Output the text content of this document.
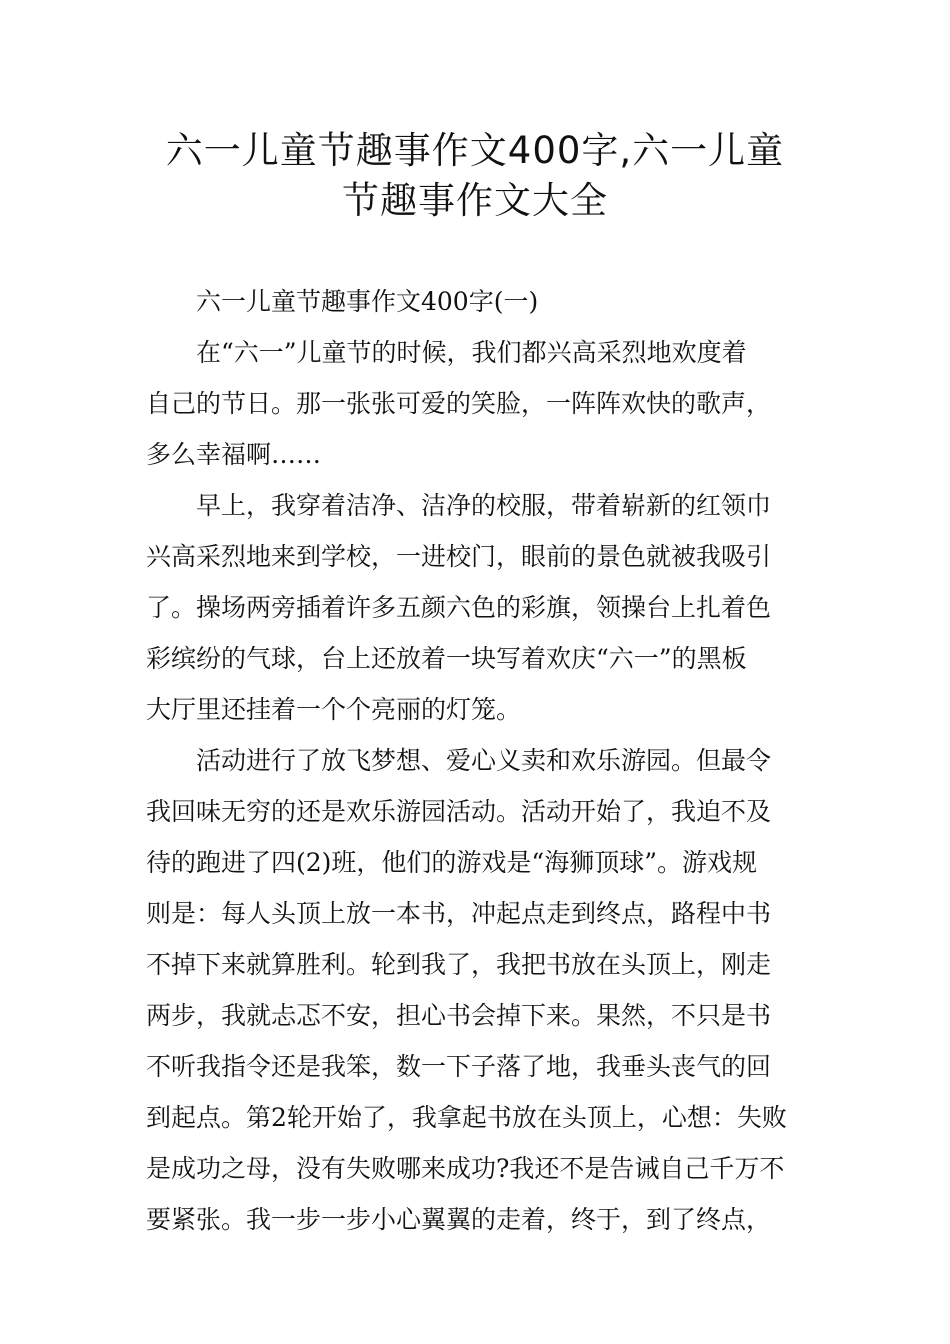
六一儿童节趣事作文400字,六一儿童
节趣事作文大全
六一儿童节趣事作文400字(一)
在“六一”儿童节的时候，我们都兴高采烈地欢度着
自己的节日。那一张张可爱的笑脸，一阵阵欢快的歌声，
多么幸福啊……
早上，我穿着洁净、洁净的校服，带着崭新的红领巾
兴高采烈地来到学校，一进校门，眼前的景色就被我吸引
了。操场两旁插着许多五颜六色的彩旗，领操台上扎着色
彩缤纷的气球，台上还放着一块写着欢庆“六一”的黑板
大厅里还挂着一个个亮丽的灯笼。
活动进行了放飞梦想、爱心义卖和欢乐游园。但最令
我回味无穷的还是欢乐游园活动。活动开始了，我迫不及
待的跑进了四(2)班，他们的游戏是“海狮顶球”。游戏规
则是：每人头顶上放一本书，冲起点走到终点，路程中书
不掉下来就算胜利。轮到我了，我把书放在头顶上，刚走
两步，我就忐忑不安，担心书会掉下来。果然，不只是书
不听我指令还是我笨，数一下子落了地，我垂头丧气的回
到起点。第2轮开始了，我拿起书放在头顶上，心想：失败
是成功之母，没有失败哪来成功?我还不是告诫自己千万不
要紧张。我一步一步小心翼翼的走着，终于，到了终点，
